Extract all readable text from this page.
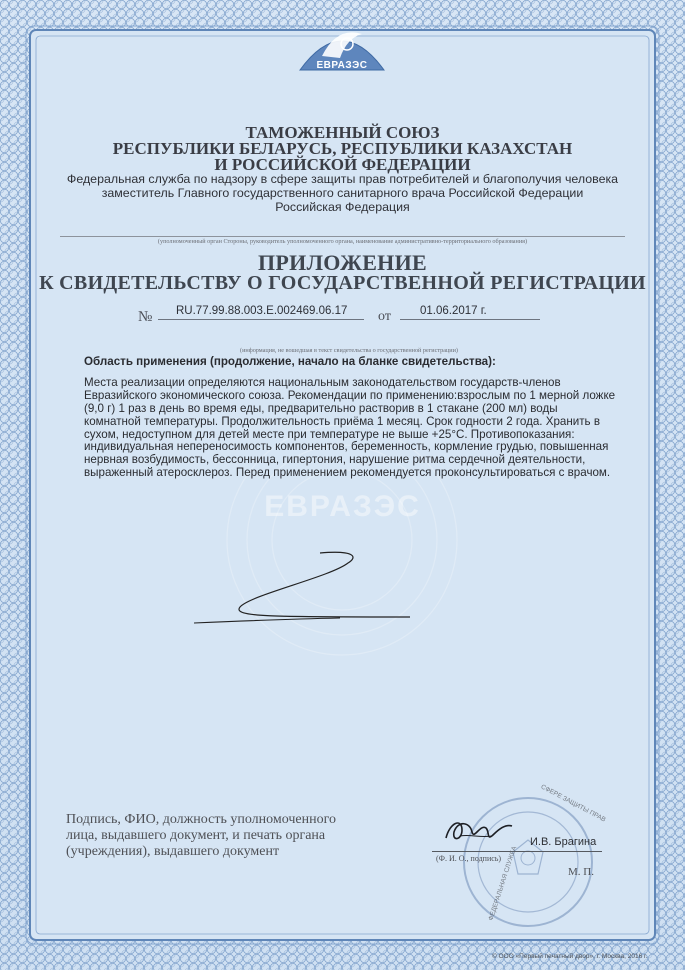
ЕВРАЗЭС
ТАМОЖЕННЫЙ СОЮЗ
РЕСПУБЛИКИ БЕЛАРУСЬ, РЕСПУБЛИКИ КАЗАХСТАН
И РОССИЙСКОЙ ФЕДЕРАЦИИ
Федеральная служба по надзору в сфере защиты прав потребителей и благополучия человека
заместитель Главного государственного санитарного врача Российской Федерации
Российская Федерация
(уполномоченный орган Стороны, руководитель уполномоченного органа, наименование административно-территориального образования)
ПРИЛОЖЕНИЕ
К СВИДЕТЕЛЬСТВУ О ГОСУДАРСТВЕННОЙ РЕГИСТРАЦИИ
№ RU.77.99.88.003.Е.002469.06.17 от	01.06.2017 г.
(информация, не вошедшая в текст свидетельства о государственной регистрации)
Область применения (продолжение, начало на бланке свидетельства):
Места реализации определяются национальным законодательством государств-членов
Евразийского экономического союза. Рекомендации по применению:взрослым по 1 мерной ложке
(9,0 г) 1 раз в день во время еды, предварительно растворив в 1 стакане (200 мл) воды
комнатной температуры. Продолжительность приёма 1 месяц. Срок годности 2 года. Хранить в
сухом, недоступном для детей месте при температуре не выше +25°С. Противопоказания:
индивидуальная непереносимость компонентов, беременность, кормление грудью, повышенная
нервная возбудимость, бессонница, гипертония, нарушение ритма сердечной деятельности,
выраженный атеросклероз. Перед применением рекомендуется проконсультироваться с врачом.
ЕВРАЗЭС
Подпись, ФИО, должность уполномоченного
лица, выдавшего документ, и печать органа
(учреждения), выдавшего документ
СФЕРЕ ЗАЩИТЫ ПРАВ
ФЕДЕРАЛЬНАЯ СЛУЖБА
И.В. Брагина
(Ф. И. О., подпись)
М. П.
© ООО «Первый печатный двор», г. Москва, 2016 г.
